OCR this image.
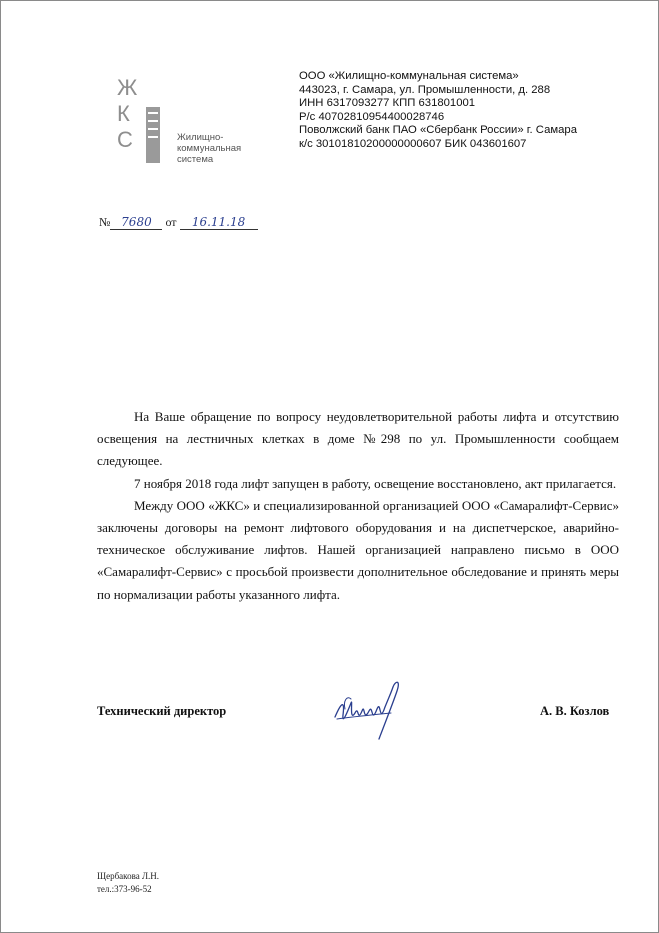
Ж
К
С	Жилищно-
коммунальная
система
ООО «Жилищно-коммунальная система»
443023, г. Самара, ул. Промышленности, д. 288
ИНН 6317093277 КПП 631801001
Р/с 40702810954400028746
Поволжский банк ПАО «Сбербанк России» г. Самара
к/с 30101810200000000607 БИК 043601607
№ 7680 от 16.11.18

На Ваше обращение по вопросу неудовлетворительной работы лифта и отсутствию освещения на лестничных клетках в доме №298 по ул. Промышленности сообщаем следующее.

7 ноября 2018 года лифт запущен в работу, освещение восстановлено, акт прилагается.

Между ООО «ЖКС» и специализированной организацией ООО «Самаралифт-Сервис» заключены договоры на ремонт лифтового оборудования и на диспетчерское, аварийно-техническое обслуживание лифтов. Нашей организацией направлено письмо в ООО «Самаралифт-Сервис» с просьбой произвести дополнительное обследование и принять меры по нормализации работы указанного лифта.

Технический директор	А. В. Козлов
Щербакова Л.Н.
тел.:373-96-52
